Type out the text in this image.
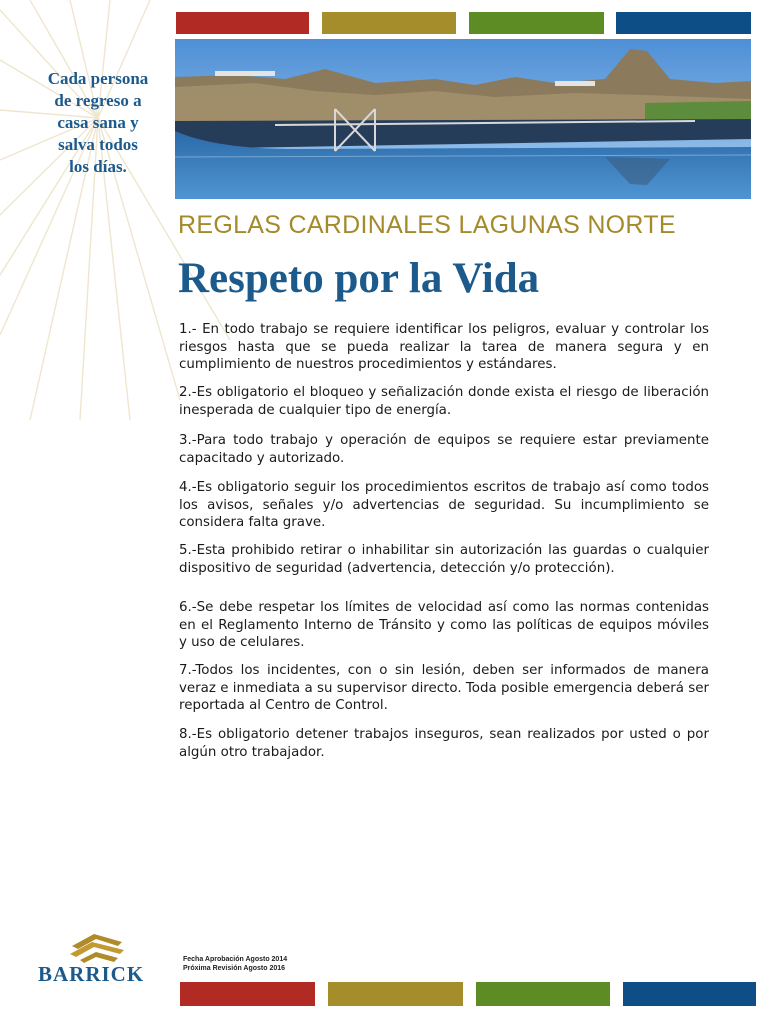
Cada persona
de regreso a
casa sana y
salva todos
los días.
REGLAS CARDINALES LAGUNAS NORTE
Respeto por la Vida
1.- En todo trabajo se requiere identificar los peligros, evaluar y controlar los riesgos hasta que se pueda realizar la tarea de manera segura y en cumplimiento de nuestros procedimientos y estándares.
2.-Es obligatorio el bloqueo y señalización donde exista el riesgo de liberación inesperada de cualquier tipo de energía.
3.-Para todo trabajo y operación de equipos se requiere estar previamente capacitado y autorizado.
4.-Es obligatorio seguir los procedimientos escritos de trabajo así como todos los avisos, señales y/o advertencias de seguridad. Su incumplimiento se considera falta grave.
5.-Esta prohibido retirar o inhabilitar sin autorización las guardas o cualquier dispositivo de seguridad (advertencia, detección y/o protección).
6.-Se debe respetar los límites de velocidad así como las normas contenidas en el Reglamento Interno de Tránsito y como las políticas de equipos móviles y uso de celulares.
7.-Todos los incidentes, con o sin lesión, deben ser informados de manera veraz e inmediata a su supervisor directo. Toda posible emergencia deberá ser reportada al Centro de Control.
8.-Es obligatorio detener trabajos inseguros, sean realizados por usted o por algún otro trabajador.
BARRICK
Fecha Aprobación Agosto 2014
Próxima Revisión Agosto 2016
